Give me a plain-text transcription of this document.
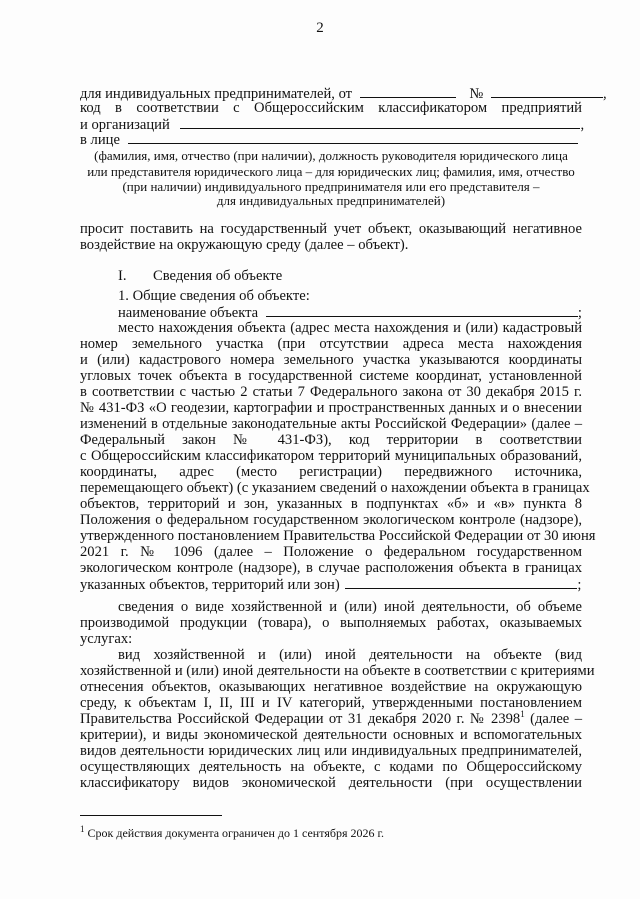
2
для индивидуальных предпринимателей, от	№	,
код в соответствии с Общероссийским классификатором предприятий
и организаций	,
в лице
(фамилия, имя, отчество (при наличии), должность руководителя юридического лица
или представителя юридического лица – для юридических лиц; фамилия, имя, отчество
(при наличии) индивидуального предпринимателя или его представителя –
для индивидуальных предпринимателей)
просит поставить на государственный учет объект, оказывающий негативное
воздействие на окружающую среду (далее – объект).
I.	Сведения об объекте
1. Общие сведения об объекте:
наименование объекта	;
место нахождения объекта (адрес места нахождения и (или) кадастровый
номер земельного участка (при отсутствии адреса места нахождения
и (или) кадастрового номера земельного участка указываются координаты
угловых точек объекта в государственной системе координат, установленной
в соответствии с частью 2 статьи 7 Федерального закона от 30 декабря 2015 г.
№ 431-ФЗ «О геодезии, картографии и пространственных данных и о внесении
изменений в отдельные законодательные акты Российской Федерации» (далее –
Федеральный закон № 431-ФЗ), код территории в соответствии
с Общероссийским классификатором территорий муниципальных образований,
координаты, адрес (место регистрации) передвижного источника,
перемещающего объект) (с указанием сведений о нахождении объекта в границах
объектов, территорий и зон, указанных в подпунктах «б» и «в» пункта 8
Положения о федеральном государственном экологическом контроле (надзоре),
утвержденного постановлением Правительства Российской Федерации от 30 июня
2021 г. № 1096 (далее – Положение о федеральном государственном
экологическом контроле (надзоре), в случае расположения объекта в границах
указанных объектов, территорий или зон)	;
сведения о виде хозяйственной и (или) иной деятельности, об объеме
производимой продукции (товара), о выполняемых работах, оказываемых
услугах:
вид хозяйственной и (или) иной деятельности на объекте (вид
хозяйственной и (или) иной деятельности на объекте в соответствии с критериями
отнесения объектов, оказывающих негативное воздействие на окружающую
среду, к объектам I, II, III и IV категорий, утвержденными постановлением
Правительства Российской Федерации от 31 декабря 2020 г. № 2398$^1$ (далее –
критерии), и виды экономической деятельности основных и вспомогательных
видов деятельности юридических лиц или индивидуальных предпринимателей,
осуществляющих деятельность на объекте, с кодами по Общероссийскому
классификатору видов экономической деятельности (при осуществлении
$^1$ Срок действия документа ограничен до 1 сентября 2026 г.
